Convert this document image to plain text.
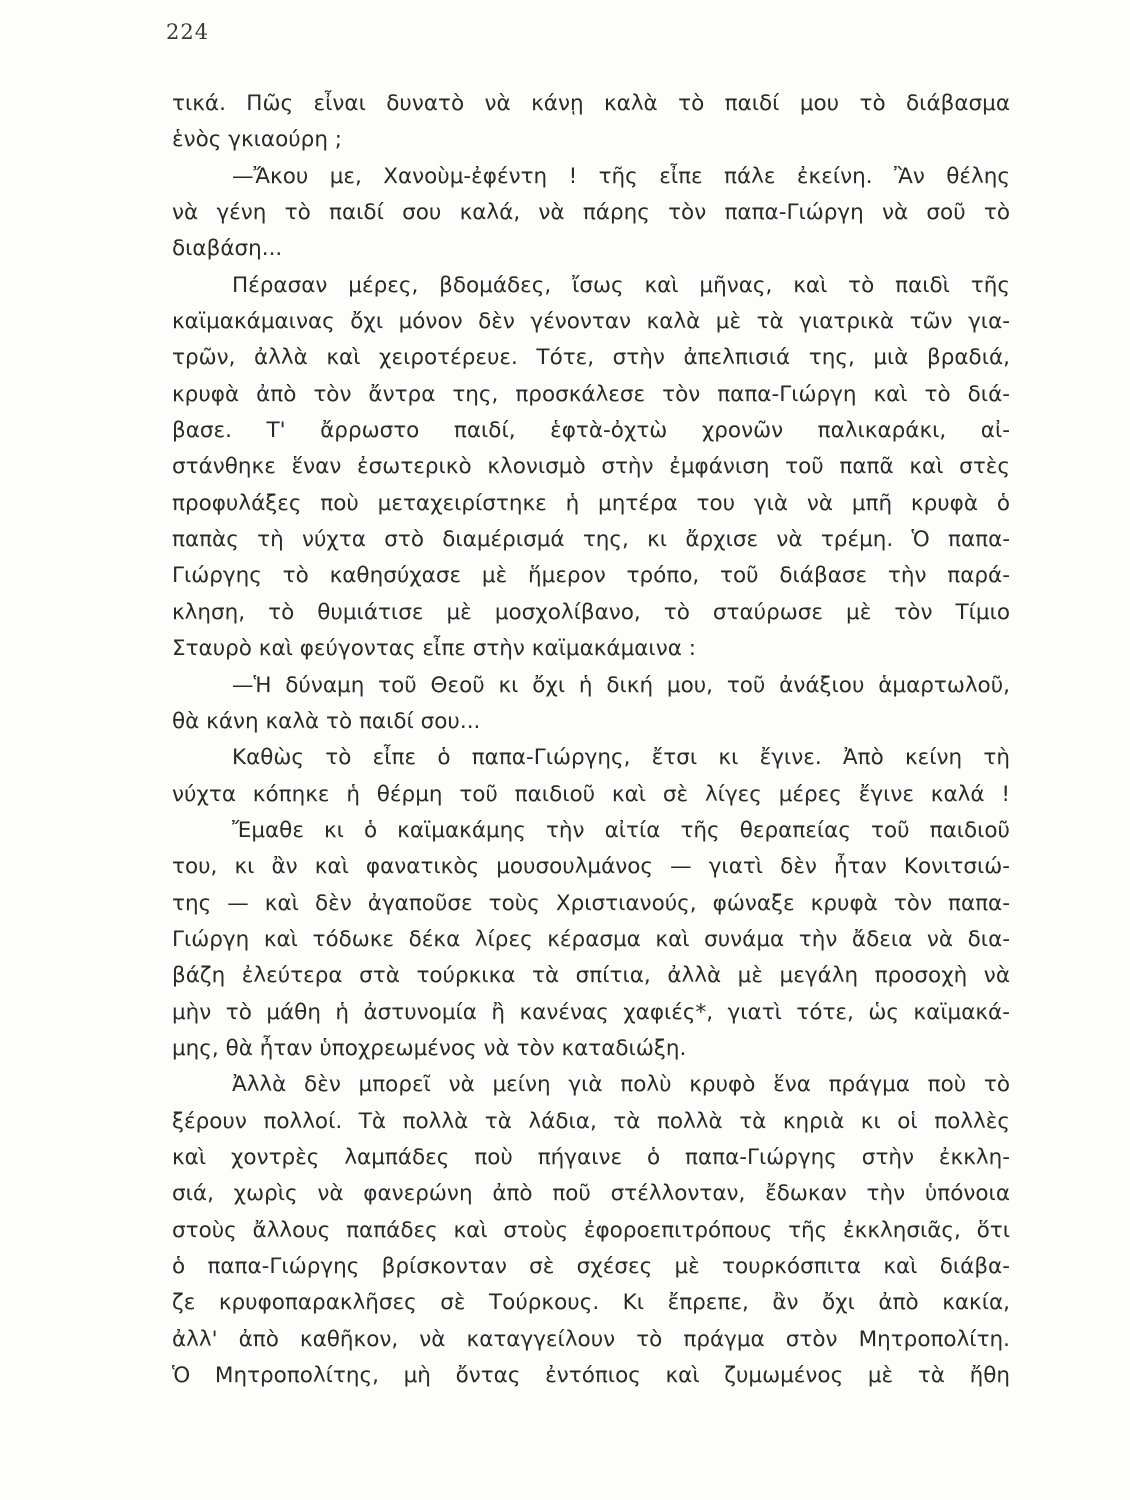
224
τικά. Πῶς εἶναι δυνατὸ νὰ κάνῃ καλὰ τὸ παιδί μου τὸ διάβασμα
ἑνὸς γκιαούρη ;
—Ἄκου με, Χανοὺμ-ἐφέντη ! τῆς εἶπε πάλε ἐκείνη. Ἂν θέλης
νὰ γένη τὸ παιδί σου καλά, νὰ πάρης τὸν παπα-Γιώργη νὰ σοῦ τὸ
διαβάση...
Πέρασαν μέρες, βδομάδες, ἴσως καὶ μῆνας, καὶ τὸ παιδὶ τῆς
καϊμακάμαινας ὄχι μόνον δὲν γένονταν καλὰ μὲ τὰ γιατρικὰ τῶν για-
τρῶν, ἀλλὰ καὶ χειροτέρευε. Τότε, στὴν ἀπελπισιά της, μιὰ βραδιά,
κρυφὰ ἀπὸ τὸν ἄντρα της, προσκάλεσε τὸν παπα-Γιώργη καὶ τὸ διά-
βασε. Τ' ἄρρωστο παιδί, ἑφτὰ-ὀχτὼ χρονῶν παλικαράκι, αἰ-
στάνθηκε ἕναν ἐσωτερικὸ κλονισμὸ στὴν ἐμφάνιση τοῦ παπᾶ καὶ στὲς
προφυλάξες ποὺ μεταχειρίστηκε ἡ μητέρα του γιὰ νὰ μπῆ κρυφὰ ὁ
παπὰς τὴ νύχτα στὸ διαμέρισμά της, κι ἄρχισε νὰ τρέμη. Ὁ παπα-
Γιώργης τὸ καθησύχασε μὲ ἥμερον τρόπο, τοῦ διάβασε τὴν παρά-
κληση, τὸ θυμιάτισε μὲ μοσχολίβανο, τὸ σταύρωσε μὲ τὸν Τίμιο
Σταυρὸ καὶ φεύγοντας εἶπε στὴν καϊμακάμαινα :
—Ἡ δύναμη τοῦ Θεοῦ κι ὄχι ἡ δική μου, τοῦ ἀνάξιου ἁμαρτωλοῦ,
θὰ κάνη καλὰ τὸ παιδί σου...
Καθὼς τὸ εἶπε ὁ παπα-Γιώργης, ἔτσι κι ἔγινε. Ἀπὸ κείνη τὴ
νύχτα κόπηκε ἡ θέρμη τοῦ παιδιοῦ καὶ σὲ λίγες μέρες ἔγινε καλά !
Ἔμαθε κι ὁ καϊμακάμης τὴν αἰτία τῆς θεραπείας τοῦ παιδιοῦ
του, κι ἂν καὶ φανατικὸς μουσουλμάνος — γιατὶ δὲν ἦταν Κονιτσιώ-
της — καὶ δὲν ἀγαποῦσε τοὺς Χριστιανούς, φώναξε κρυφὰ τὸν παπα-
Γιώργη καὶ τόδωκε δέκα λίρες κέρασμα καὶ συνάμα τὴν ἄδεια νὰ δια-
βάζη ἐλεύτερα στὰ τούρκικα τὰ σπίτια, ἀλλὰ μὲ μεγάλη προσοχὴ νὰ
μὴν τὸ μάθη ἡ ἀστυνομία ἢ κανένας χαφιές*, γιατὶ τότε, ὡς καϊμακά-
μης, θὰ ἦταν ὑποχρεωμένος νὰ τὸν καταδιώξη.
Ἀλλὰ δὲν μπορεῖ νὰ μείνη γιὰ πολὺ κρυφὸ ἕνα πράγμα ποὺ τὸ
ξέρουν πολλοί. Τὰ πολλὰ τὰ λάδια, τὰ πολλὰ τὰ κηριὰ κι οἱ πολλὲς
καὶ χοντρὲς λαμπάδες ποὺ πήγαινε ὁ παπα-Γιώργης στὴν ἐκκλη-
σιά, χωρὶς νὰ φανερώνη ἀπὸ ποῦ στέλλονταν, ἔδωκαν τὴν ὑπόνοια
στοὺς ἄλλους παπάδες καὶ στοὺς ἐφοροεπιτρόπους τῆς ἐκκλησιᾶς, ὅτι
ὁ παπα-Γιώργης βρίσκονταν σὲ σχέσες μὲ τουρκόσπιτα καὶ διάβα-
ζε κρυφοπαρακλῆσες σὲ Τούρκους. Κι ἔπρεπε, ἂν ὄχι ἀπὸ κακία,
ἀλλ' ἀπὸ καθῆκον, νὰ καταγγείλουν τὸ πράγμα στὸν Μητροπολίτη.
Ὁ Μητροπολίτης, μὴ ὄντας ἐντόπιος καὶ ζυμωμένος μὲ τὰ ἤθη
